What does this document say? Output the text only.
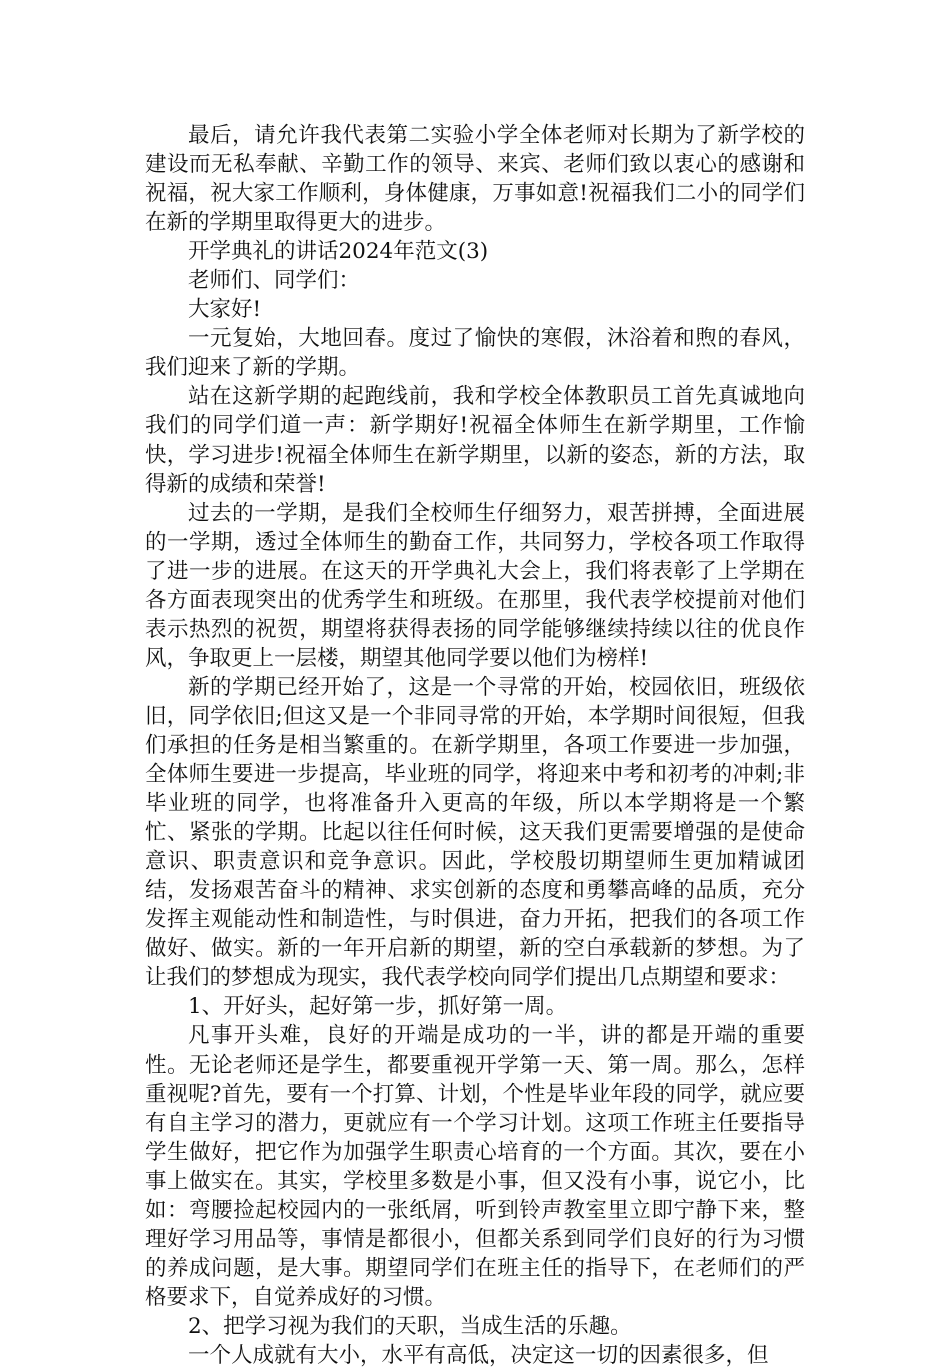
最后，请允许我代表第二实验小学全体老师对长期为了新学校的建设而无私奉献、辛勤工作的领导、来宾、老师们致以衷心的感谢和祝福，祝大家工作顺利，身体健康，万事如意!祝福我们二小的同学们在新的学期里取得更大的进步。

开学典礼的讲话2024年范文(3)

老师们、同学们：

大家好!

一元复始，大地回春。度过了愉快的寒假，沐浴着和煦的春风，我们迎来了新的学期。

站在这新学期的起跑线前，我和学校全体教职员工首先真诚地向我们的同学们道一声：新学期好!祝福全体师生在新学期里，工作愉快，学习进步!祝福全体师生在新学期里，以新的姿态，新的方法，取得新的成绩和荣誉!

过去的一学期，是我们全校师生仔细努力，艰苦拼搏，全面进展的一学期，透过全体师生的勤奋工作，共同努力，学校各项工作取得了进一步的进展。在这天的开学典礼大会上，我们将表彰了上学期在各方面表现突出的优秀学生和班级。在那里，我代表学校提前对他们表示热烈的祝贺，期望将获得表扬的同学能够继续持续以往的优良作风，争取更上一层楼，期望其他同学要以他们为榜样!

新的学期已经开始了，这是一个寻常的开始，校园依旧，班级依旧，同学依旧;但这又是一个非同寻常的开始，本学期时间很短，但我们承担的任务是相当繁重的。在新学期里，各项工作要进一步加强，全体师生要进一步提高，毕业班的同学，将迎来中考和初考的冲刺;非毕业班的同学，也将准备升入更高的年级，所以本学期将是一个繁忙、紧张的学期。比起以往任何时候，这天我们更需要增强的是使命意识、职责意识和竞争意识。因此，学校殷切期望师生更加精诚团结，发扬艰苦奋斗的精神、求实创新的态度和勇攀高峰的品质，充分发挥主观能动性和制造性，与时俱进，奋力开拓，把我们的各项工作做好、做实。新的一年开启新的期望，新的空白承载新的梦想。为了让我们的梦想成为现实，我代表学校向同学们提出几点期望和要求：

1、开好头，起好第一步，抓好第一周。

凡事开头难，良好的开端是成功的一半，讲的都是开端的重要性。无论老师还是学生，都要重视开学第一天、第一周。那么，怎样重视呢?首先，要有一个打算、计划，个性是毕业年段的同学，就应要有自主学习的潜力，更就应有一个学习计划。这项工作班主任要指导学生做好，把它作为加强学生职责心培育的一个方面。其次，要在小事上做实在。其实，学校里多数是小事，但又没有小事，说它小，比如：弯腰捡起校园内的一张纸屑，听到铃声教室里立即宁静下来，整理好学习用品等，事情是都很小，但都关系到同学们良好的行为习惯的养成问题，是大事。期望同学们在班主任的指导下，在老师们的严格要求下，自觉养成好的习惯。

2、把学习视为我们的天职，当成生活的乐趣。

一个人成就有大小，水平有高低，决定这一切的因素很多，但
